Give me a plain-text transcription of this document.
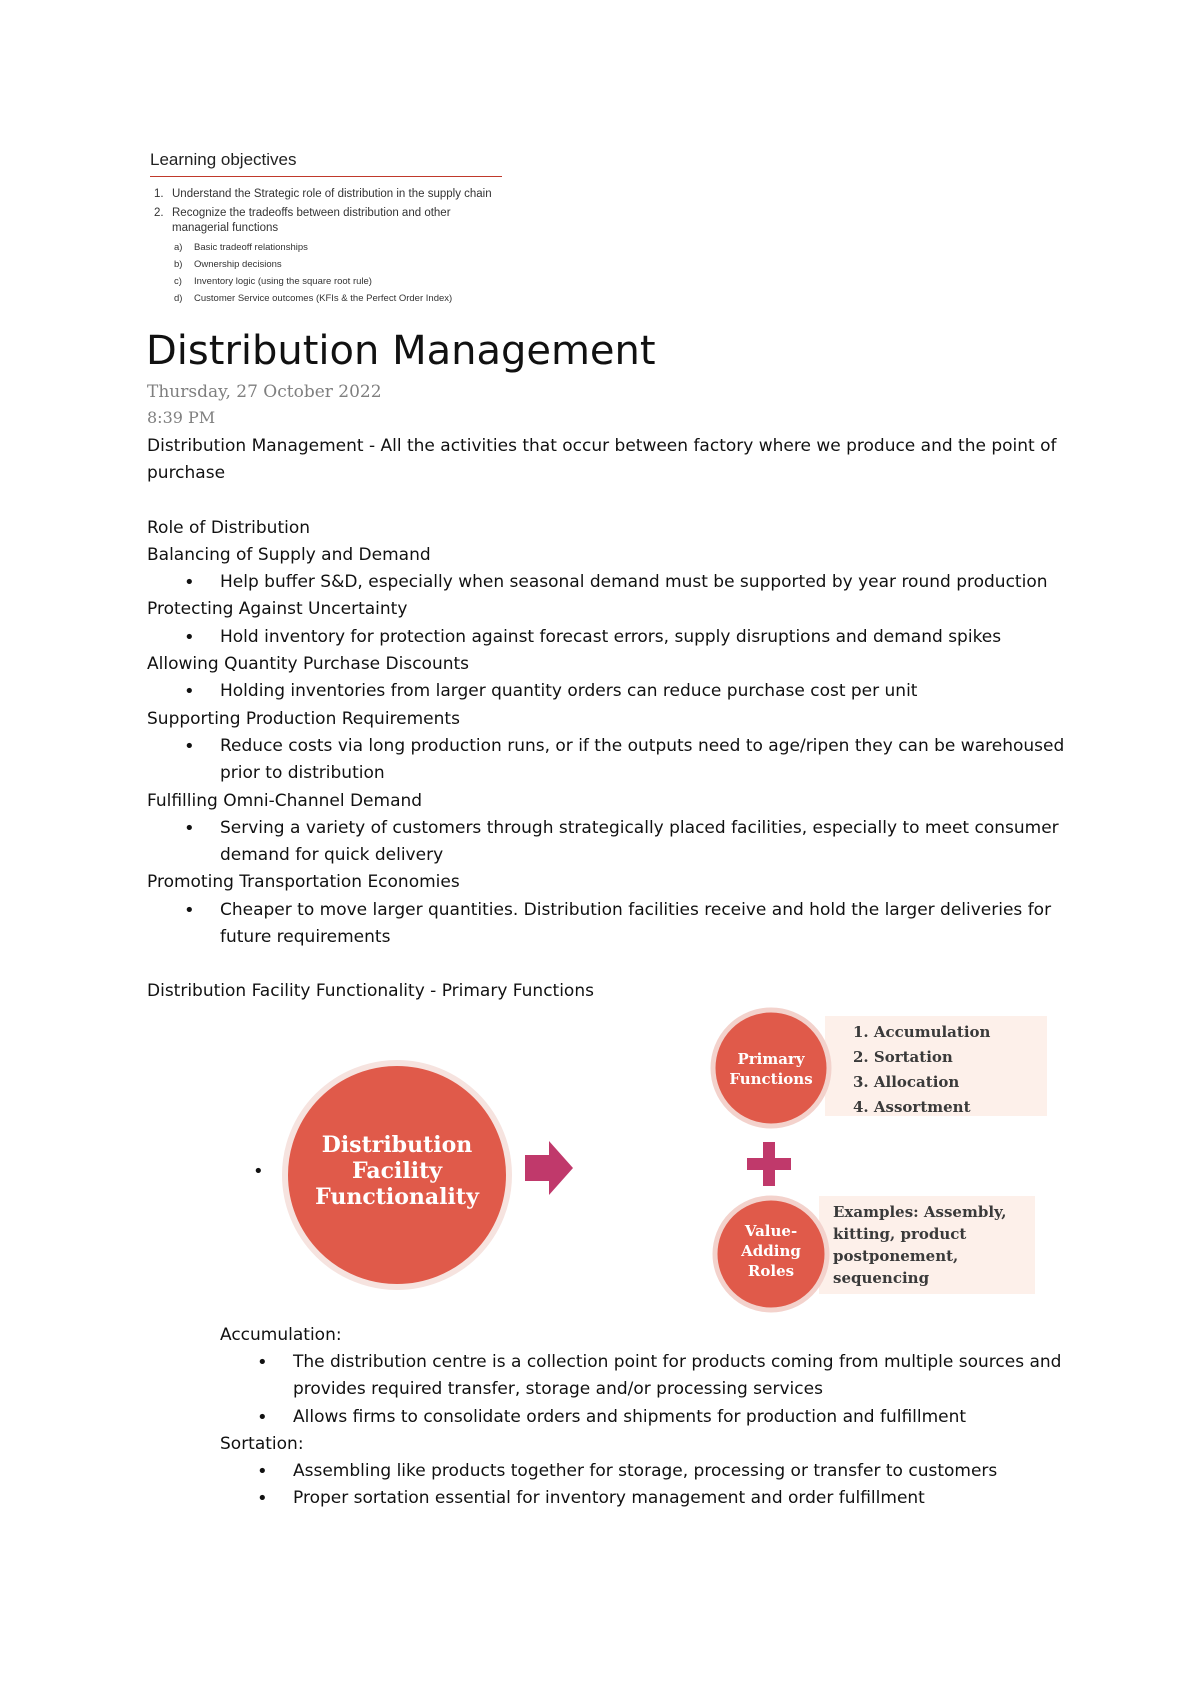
Learning objectives
1. Understand the Strategic role of distribution in the supply chain
2. Recognize the tradeoffs between distribution and other managerial functions
a) Basic tradeoff relationships
b) Ownership decisions
c) Inventory logic (using the square root rule)
d) Customer Service outcomes (KFIs & the Perfect Order Index)
Distribution Management
Thursday, 27 October 2022
8:39 PM

Distribution Management - All the activities that occur between factory where we produce and the point of purchase

Role of Distribution

Balancing of Supply and Demand

• Help buffer S&D, especially when seasonal demand must be supported by year round production

Protecting Against Uncertainty

• Hold inventory for protection against forecast errors, supply disruptions and demand spikes

Allowing Quantity Purchase Discounts

• Holding inventories from larger quantity orders can reduce purchase cost per unit

Supporting Production Requirements

• Reduce costs via long production runs, or if the outputs need to age/ripen they can be warehoused prior to distribution

Fulfilling Omni-Channel Demand

• Serving a variety of customers through strategically placed facilities, especially to meet consumer demand for quick delivery

Promoting Transportation Economies

• Cheaper to move larger quantities. Distribution facilities receive and hold the larger deliveries for future requirements

Distribution Facility Functionality - Primary Functions

•
Distribution
Facility
Functionality
Primary
Functions
Value-
Adding
Roles
1. Accumulation
2. Sortation
3. Allocation
4. Assortment
Examples: Assembly,
kitting, product
postponement,
sequencing

Accumulation:

• The distribution centre is a collection point for products coming from multiple sources and provides required transfer, storage and/or processing services
• Allows firms to consolidate orders and shipments for production and fulfillment

Sortation:

• Assembling like products together for storage, processing or transfer to customers
• Proper sortation essential for inventory management and order fulfillment
